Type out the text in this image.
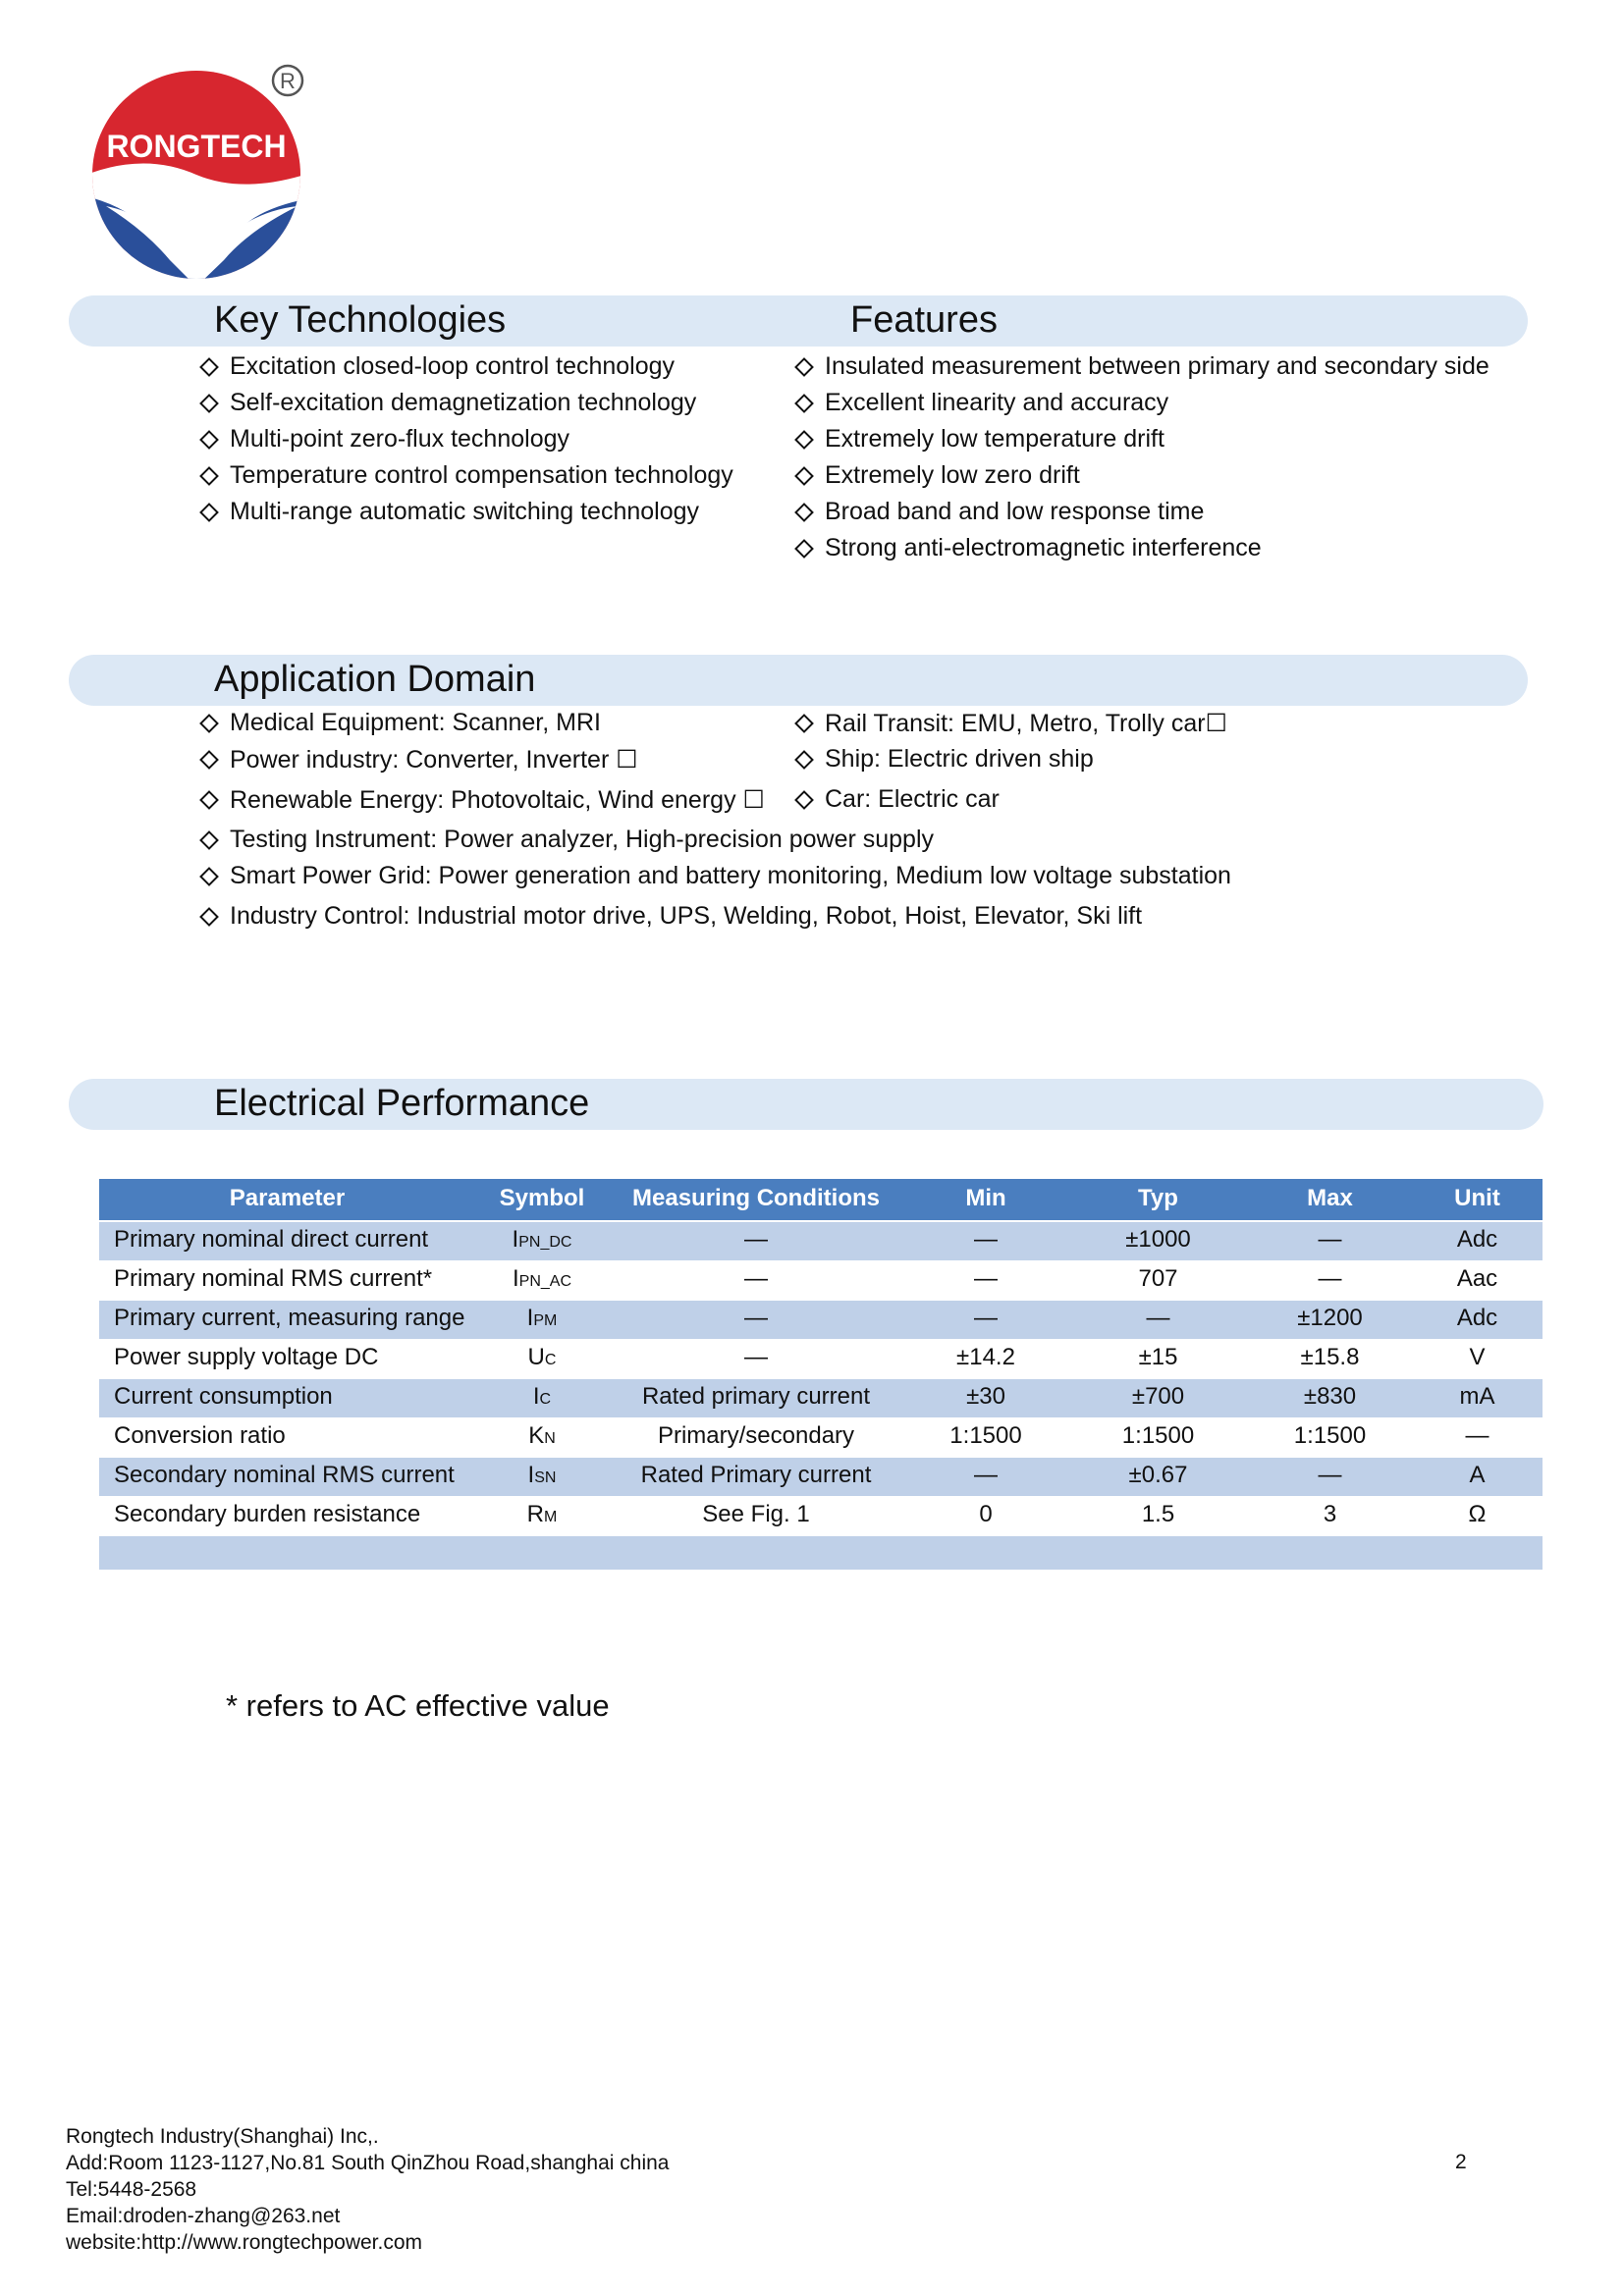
RONGTECH
R
Key Technologies	Features
Excitation closed-loop control technology
Self-excitation demagnetization technology
Multi-point zero-flux technology
Temperature control compensation technology
Multi-range automatic switching technology
Insulated measurement between primary and secondary side
Excellent linearity and accuracy
Extremely low temperature drift
Extremely low zero drift
Broad band and low response time
Strong anti-electromagnetic interference
Application Domain
Medical Equipment: Scanner, MRI
Power industry: Converter, Inverter ☐
Renewable Energy: Photovoltaic, Wind energy ☐
Rail Transit: EMU, Metro, Trolly car☐
Ship: Electric driven ship
Car: Electric car
Testing Instrument: Power analyzer, High-precision power supply
Smart Power Grid: Power generation and battery monitoring, Medium low voltage substation
Industry Control: Industrial motor drive, UPS, Welding, Robot, Hoist, Elevator, Ski lift
Electrical Performance
Parameter	Symbol	Measuring Conditions	Min	Typ	Max	Unit
Primary nominal direct current	IPN_DC	—	—	±1000	—	Adc
Primary nominal RMS current*	IPN_AC	—	—	707	—	Aac
Primary current, measuring range	IPM	—	—	—	±1200	Adc
Power supply voltage DC	UC	—	±14.2	±15	±15.8	V
Current consumption	IC	Rated primary current	±30	±700	±830	mA
Conversion ratio	KN	Primary/secondary	1:1500	1:1500	1:1500	—
Secondary nominal RMS current	ISN	Rated Primary current	—	±0.67	—	A
Secondary burden resistance	RM	See Fig. 1	0	1.5	3	Ω

* refers to AC effective value
Rongtech Industry(Shanghai) Inc,.
Add:Room 1123-1127,No.81 South QinZhou Road,shanghai china
Tel:5448-2568
Email:droden-zhang@263.net
website:http://www.rongtechpower.com
2
